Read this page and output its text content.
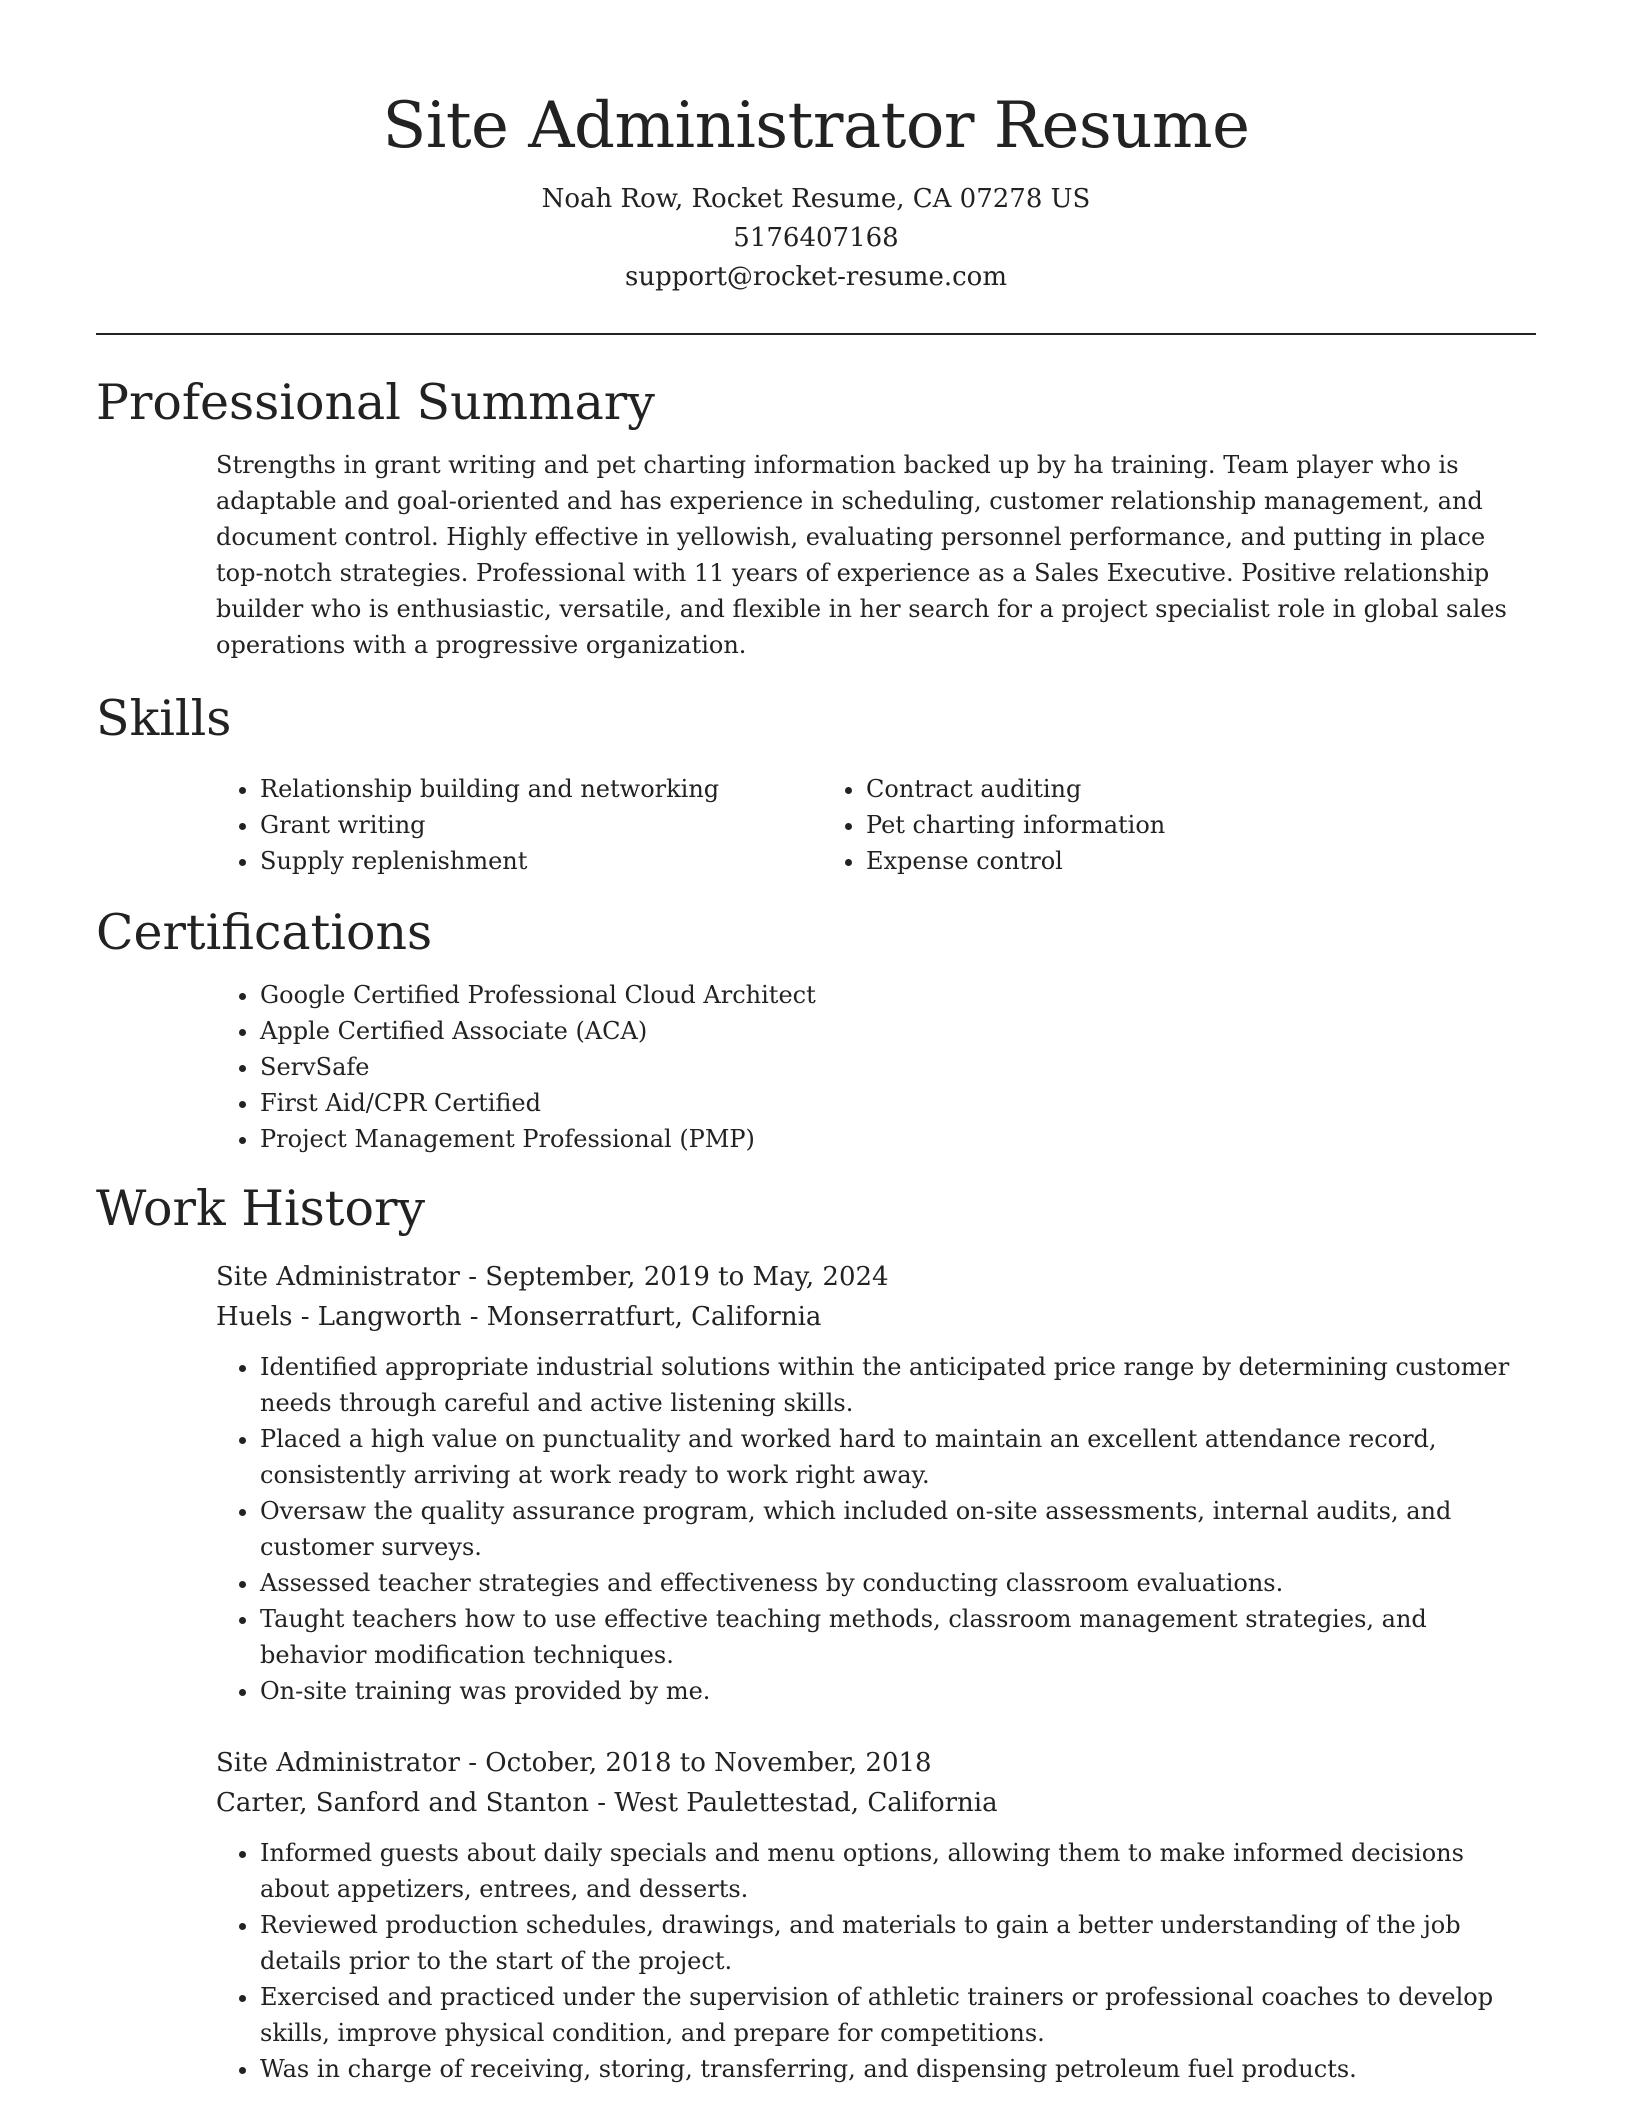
Site Administrator Resume
Noah Row, Rocket Resume, CA 07278 US
5176407168
support@rocket-resume.com
Professional Summary

Strengths in grant writing and pet charting information backed up by ha training. Team player who is adaptable and goal-oriented and has experience in scheduling, customer relationship management, and document control. Highly effective in yellowish, evaluating personnel performance, and putting in place top-notch strategies. Professional with 11 years of experience as a Sales Executive. Positive relationship builder who is enthusiastic, versatile, and flexible in her search for a project specialist role in global sales operations with a progressive organization.

Skills
• Relationship building and networking
• Grant writing
• Supply replenishment
• Contract auditing
• Pet charting information
• Expense control
Certifications
• Google Certified Professional Cloud Architect
• Apple Certified Associate (ACA)
• ServSafe
• First Aid/CPR Certified
• Project Management Professional (PMP)
Work History
Site Administrator - September, 2019 to May, 2024
Huels - Langworth - Monserratfurt, California
• Identified appropriate industrial solutions within the anticipated price range by determining customer needs through careful and active listening skills.
• Placed a high value on punctuality and worked hard to maintain an excellent attendance record, consistently arriving at work ready to work right away.
• Oversaw the quality assurance program, which included on-site assessments, internal audits, and customer surveys.
• Assessed teacher strategies and effectiveness by conducting classroom evaluations.
• Taught teachers how to use effective teaching methods, classroom management strategies, and behavior modification techniques.
• On-site training was provided by me.
Site Administrator - October, 2018 to November, 2018
Carter, Sanford and Stanton - West Paulettestad, California
• Informed guests about daily specials and menu options, allowing them to make informed decisions about appetizers, entrees, and desserts.
• Reviewed production schedules, drawings, and materials to gain a better understanding of the job details prior to the start of the project.
• Exercised and practiced under the supervision of athletic trainers or professional coaches to develop skills, improve physical condition, and prepare for competitions.
• Was in charge of receiving, storing, transferring, and dispensing petroleum fuel products.
